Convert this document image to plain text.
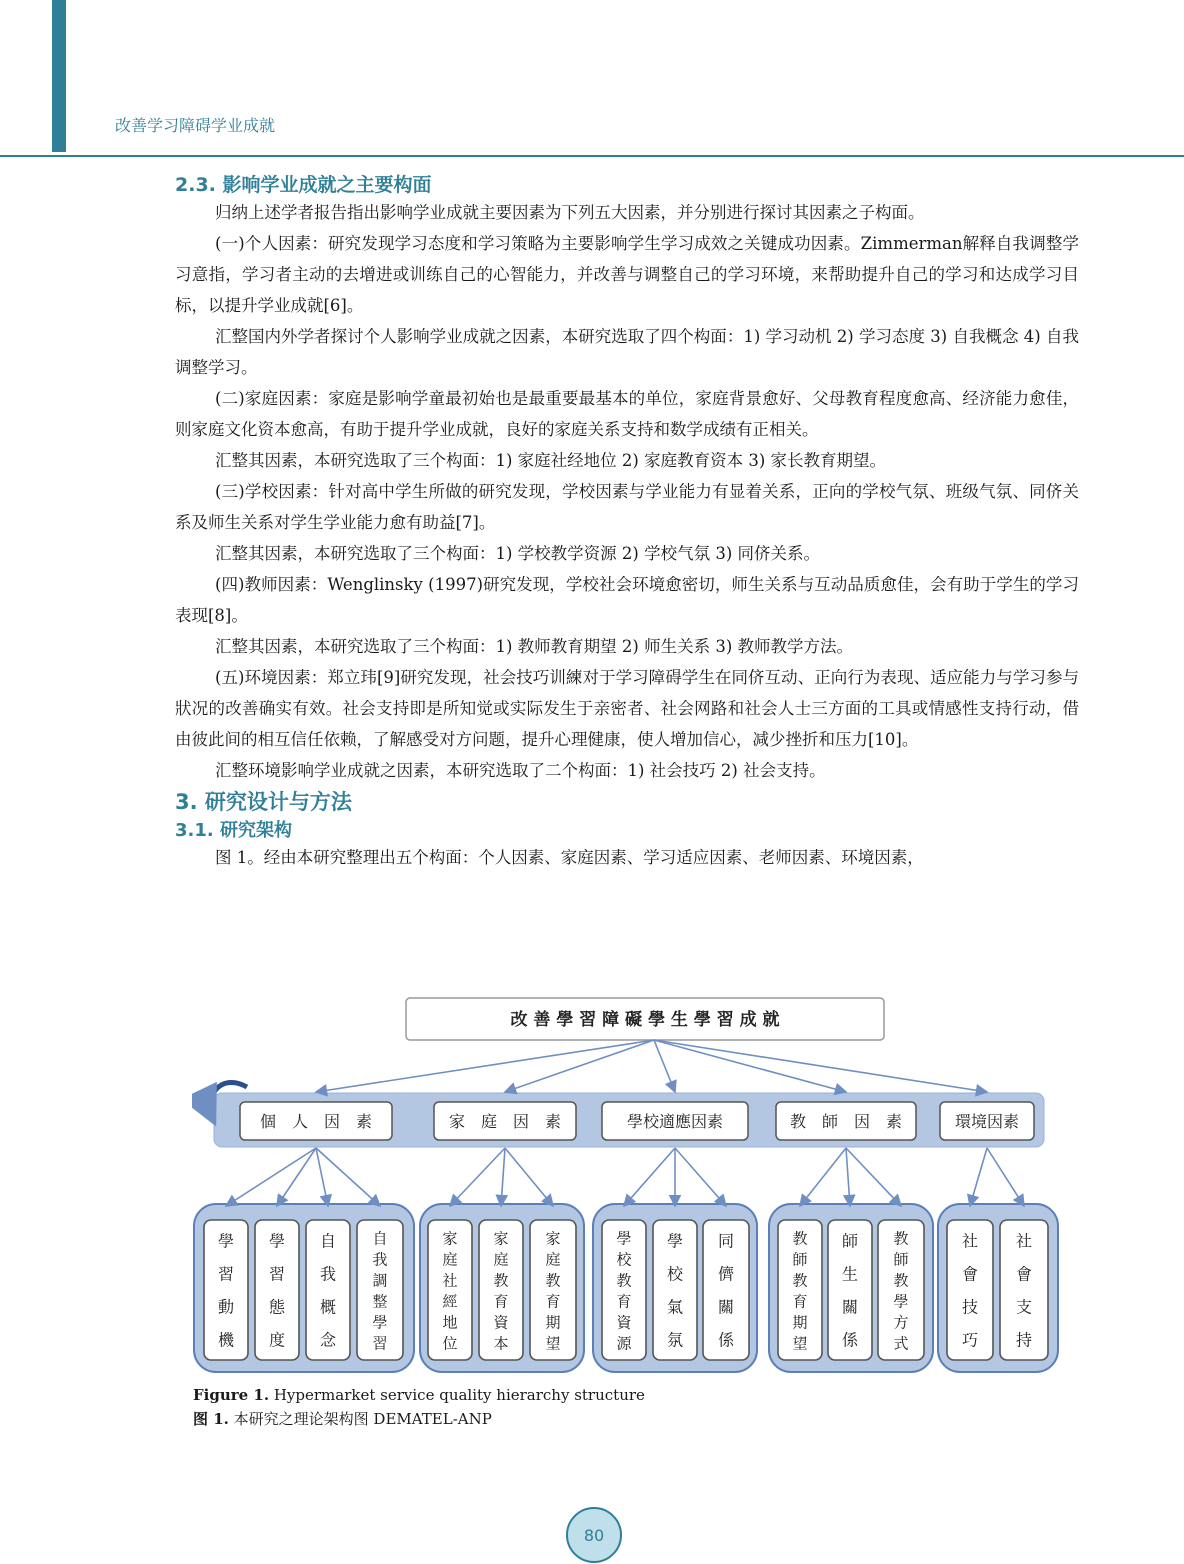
改善学习障碍学业成就
2.3. 影响学业成就之主要构面

归纳上述学者报告指出影响学业成就主要因素为下列五大因素，并分别进行探讨其因素之子构面。

(一)个人因素：研究发现学习态度和学习策略为主要影响学生学习成效之关键成功因素。Zimmerman解释自我调整学习意指，学习者主动的去增进或训练自己的心智能力，并改善与调整自己的学习环境，来帮助提升自己的学习和达成学习目标，以提升学业成就[6]。

汇整国内外学者探讨个人影响学业成就之因素，本研究选取了四个构面：1) 学习动机 2) 学习态度 3) 自我概念 4) 自我调整学习。

(二)家庭因素：家庭是影响学童最初始也是最重要最基本的单位，家庭背景愈好、父母教育程度愈高、经济能力愈佳，则家庭文化资本愈高，有助于提升学业成就，良好的家庭关系支持和数学成绩有正相关。

汇整其因素，本研究选取了三个构面：1) 家庭社经地位 2) 家庭教育资本 3) 家长教育期望。

(三)学校因素：针对高中学生所做的研究发现，学校因素与学业能力有显着关系，正向的学校气氛、班级气氛、同侪关系及师生关系对学生学业能力愈有助益[7]。

汇整其因素，本研究选取了三个构面：1) 学校教学资源 2) 学校气氛 3) 同侪关系。

(四)教师因素：Wenglinsky (1997)研究发现，学校社会环境愈密切，师生关系与互动品质愈佳，会有助于学生的学习表现[8]。

汇整其因素，本研究选取了三个构面：1) 教师教育期望 2) 师生关系 3) 教师教学方法。

(五)环境因素：郑立玮[9]研究发现，社会技巧训練对于学习障碍学生在同侪互动、正向行为表现、适应能力与学习参与狀况的改善确实有效。社会支持即是所知觉或实际发生于亲密者、社会网路和社会人士三方面的工具或情感性支持行动，借由彼此间的相互信任依赖，了解感受对方问题，提升心理健康，使人增加信心，减少挫折和压力[10]。

汇整环境影响学业成就之因素，本研究选取了二个构面：1) 社会技巧 2) 社会支持。

3. 研究设计与方法
3.1. 研究架构

图 1。经由本研究整理出五个构面：个人因素、家庭因素、学习适应因素、老师因素、环境因素，

改 善 學 習 障 礙 學 生 學 習 成 就
個　人　因　素
學習動機
學習態度
自我概念
自我調整學習
家　庭　因　素
家庭社經地位
家庭教育資本
家庭教育期望
學校適應因素
學校教育資源
學校氣氛
同儕關係
教　師　因　素
教師教育期望
師生關係
教師教學方式
環境因素
社會技巧
社會支持
Figure 1. Hypermarket service quality hierarchy structure
图 1. 本研究之理论架构图 DEMATEL-ANP
80
